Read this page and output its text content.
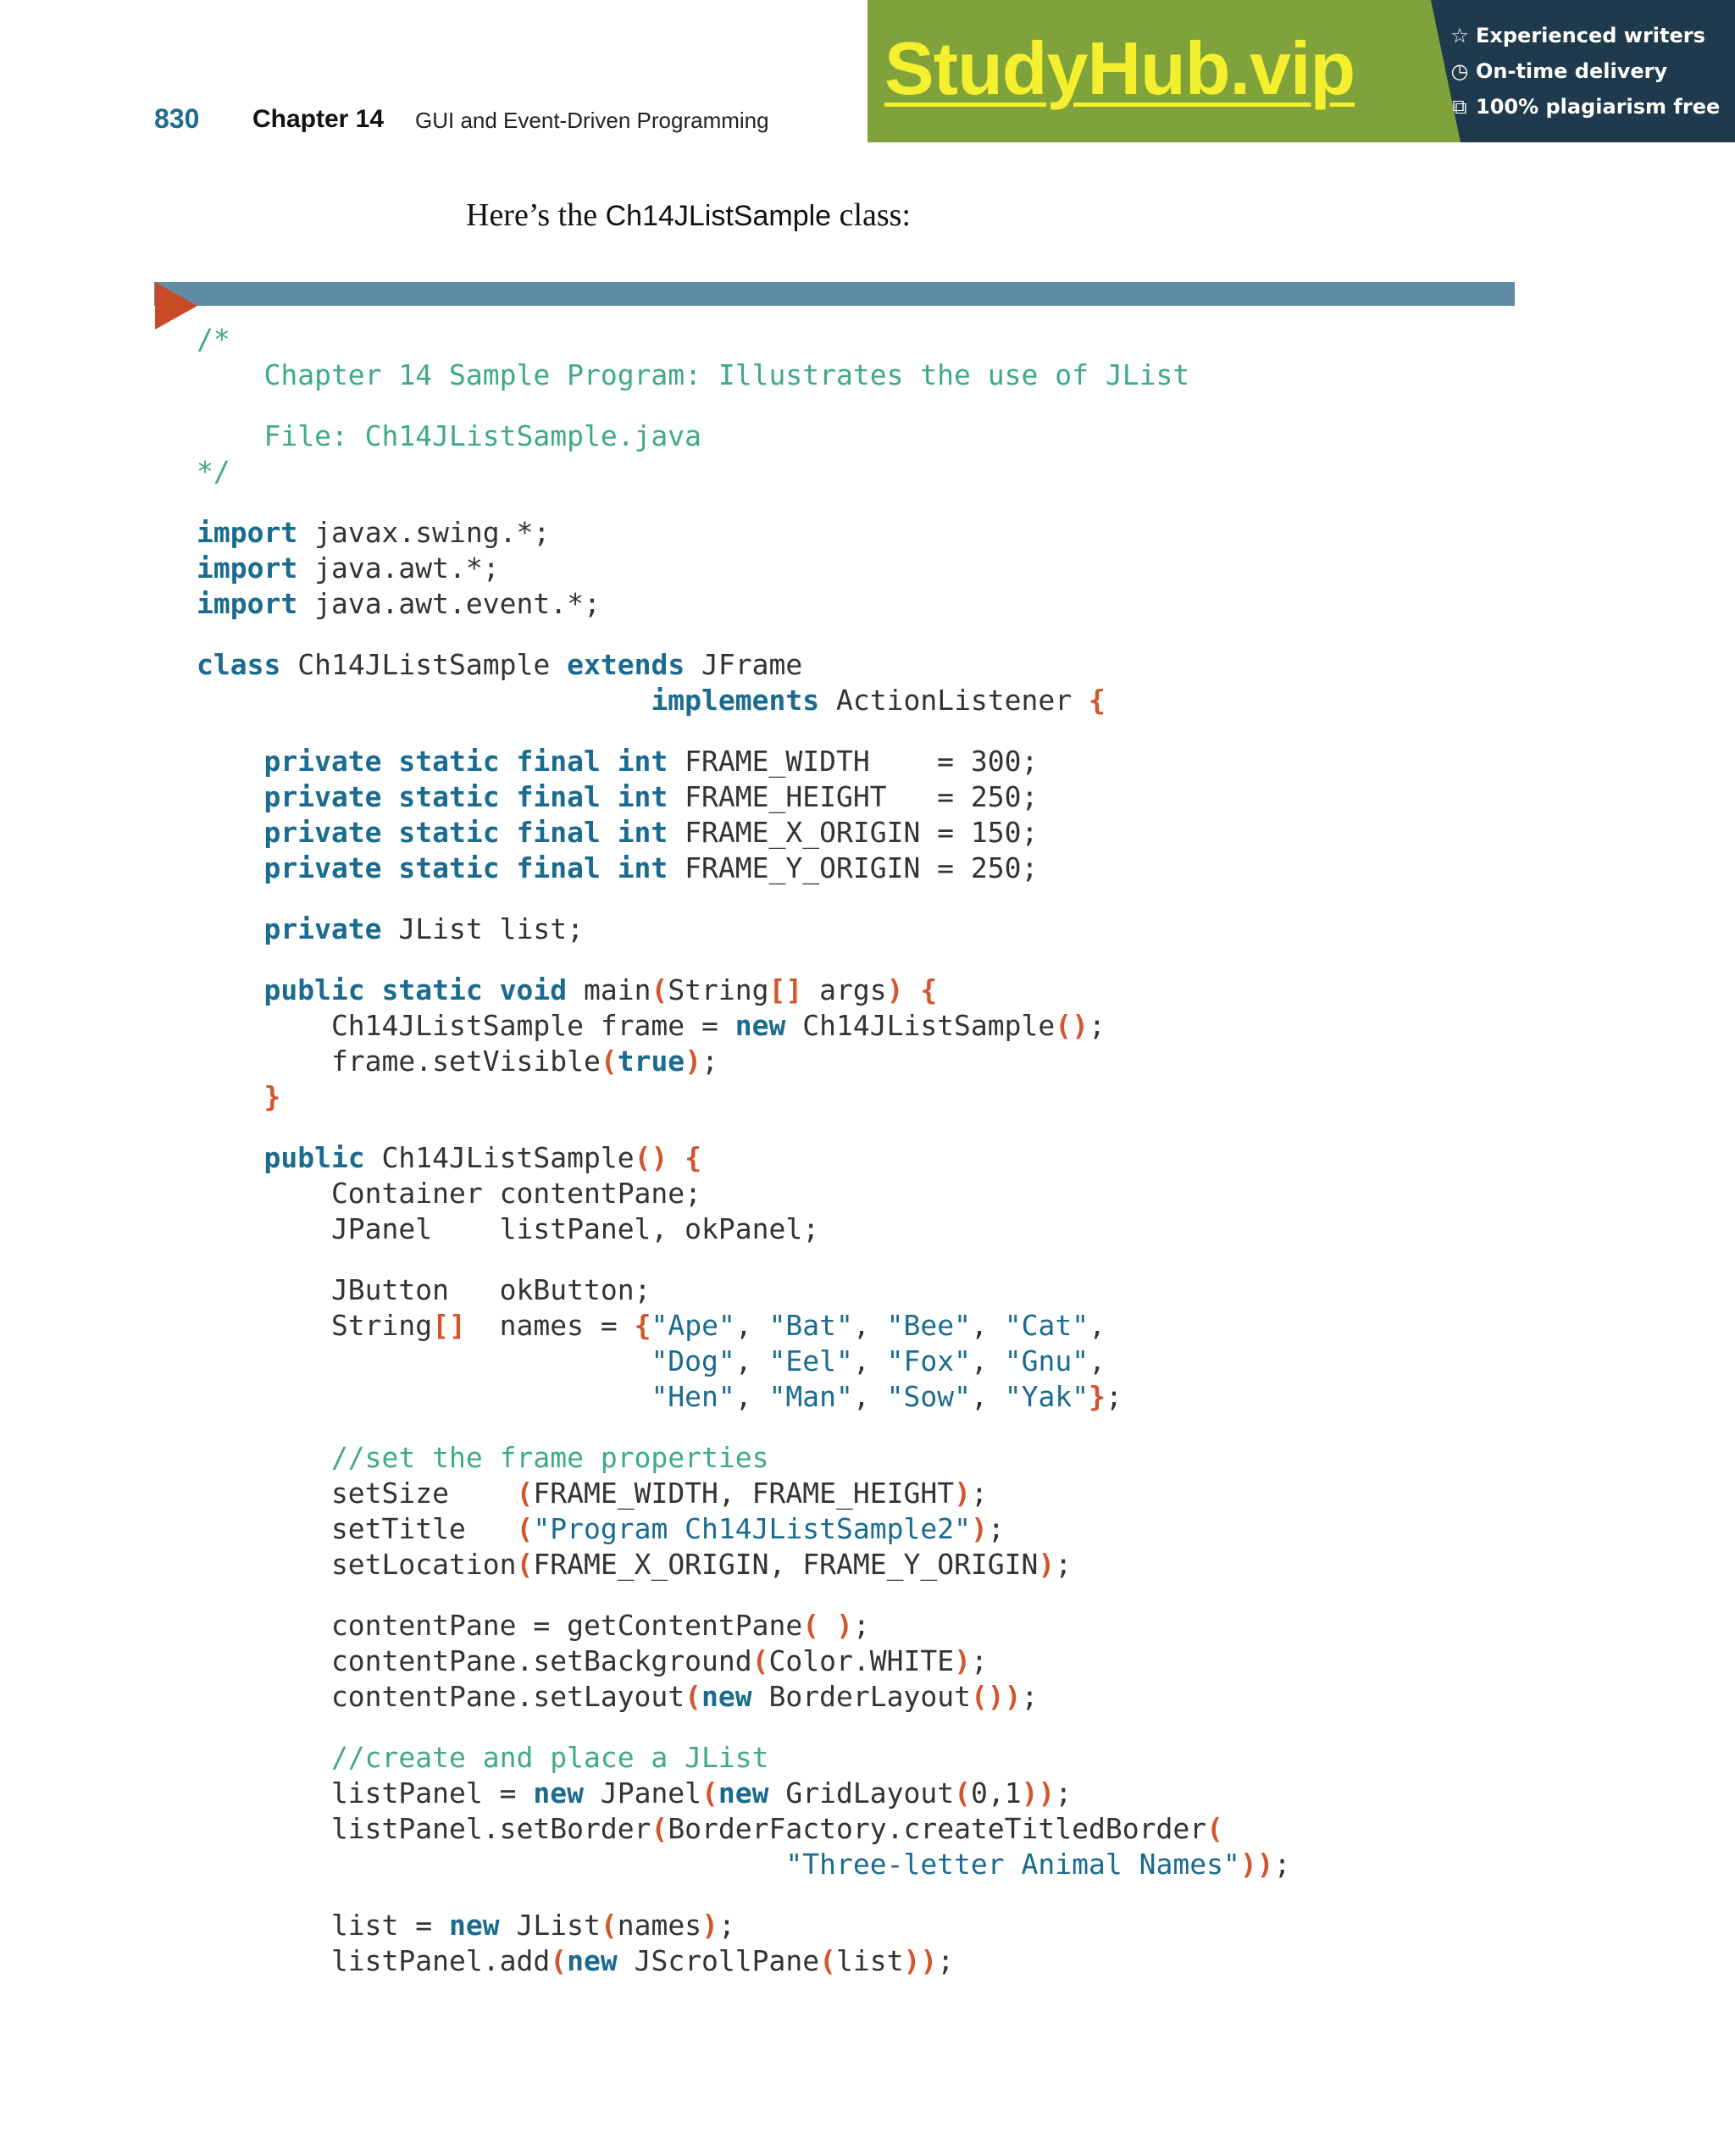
830 Chapter 14 GUI and Event-Driven Programming
StudyHub.vip	☆ Experienced writers
◷ On-time delivery
⧉ 100% plagiarism free
Here’s the Ch14JListSample class:
/*
Chapter 14 Sample Program: Illustrates the use of JList
File: Ch14JListSample.java
*/
import javax.swing.*;
import java.awt.*;
import java.awt.event.*;
class Ch14JListSample extends JFrame
implements ActionListener {
private static final int FRAME_WIDTH    = 300;
private static final int FRAME_HEIGHT   = 250;
private static final int FRAME_X_ORIGIN = 150;
private static final int FRAME_Y_ORIGIN = 250;
private JList list;
public static void main(String[] args) {
Ch14JListSample frame = new Ch14JListSample();
frame.setVisible(true);
}
public Ch14JListSample() {
Container contentPane;
JPanel    listPanel, okPanel;
JButton   okButton;
String[]  names = {"Ape", "Bat", "Bee", "Cat",
"Dog", "Eel", "Fox", "Gnu",
"Hen", "Man", "Sow", "Yak"};
//set the frame properties
setSize    (FRAME_WIDTH, FRAME_HEIGHT);
setTitle   ("Program Ch14JListSample2");
setLocation(FRAME_X_ORIGIN, FRAME_Y_ORIGIN);
contentPane = getContentPane( );
contentPane.setBackground(Color.WHITE);
contentPane.setLayout(new BorderLayout());
//create and place a JList
listPanel = new JPanel(new GridLayout(0,1));
listPanel.setBorder(BorderFactory.createTitledBorder(
"Three-letter Animal Names"));
list = new JList(names);
listPanel.add(new JScrollPane(list));
